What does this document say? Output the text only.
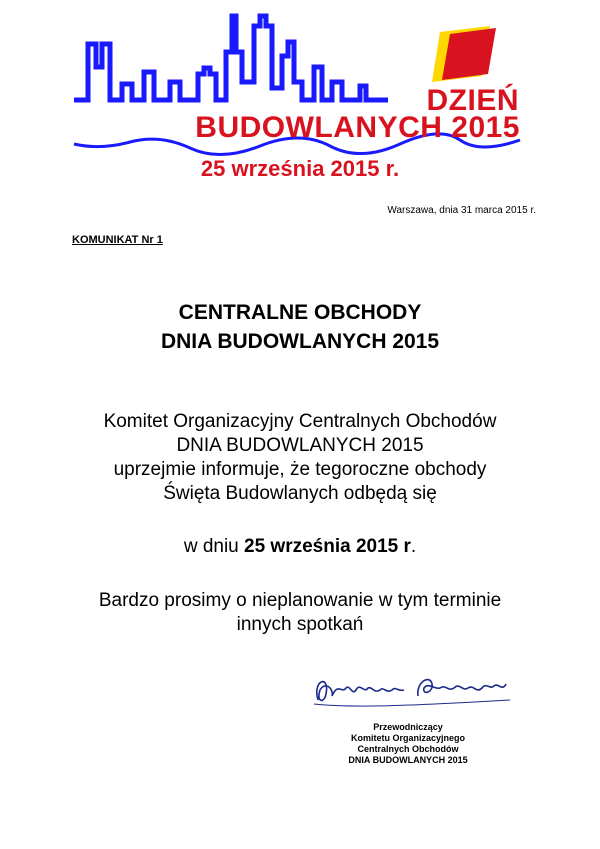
DZIEŃ
BUDOWLANYCH 2015
25 września 2015 r.
Warszawa, dnia 31 marca 2015 r.
KOMUNIKAT Nr 1
CENTRALNE OBCHODY
DNIA BUDOWLANYCH 2015
Komitet Organizacyjny Centralnych Obchodów
DNIA BUDOWLANYCH 2015
uprzejmie informuje, że tegoroczne obchody
Święta Budowlanych odbędą się
w dniu 25 września 2015 r.
Bardzo prosimy o nieplanowanie w tym terminie
innych spotkań
Przewodniczący
Komitetu Organizacyjnego
Centralnych Obchodów
DNIA BUDOWLANYCH 2015
